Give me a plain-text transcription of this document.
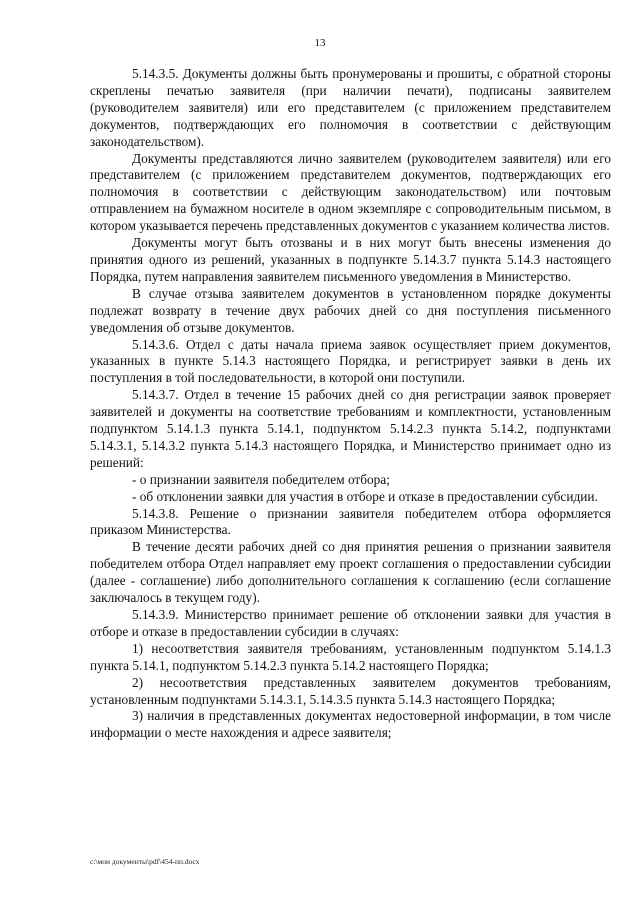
13

5.14.3.5. Документы должны быть пронумерованы и прошиты, с обратной стороны скреплены печатью заявителя (при наличии печати), подписаны заявителем (руководителем заявителя) или его представителем (с приложением представителем документов, подтверждающих его полномочия в соответствии с действующим законодательством).

Документы представляются лично заявителем (руководителем заявителя) или его представителем (с приложением представителем документов, подтверждающих его полномочия в соответствии с действующим законодательством) или почтовым отправлением на бумажном носителе в одном экземпляре с сопроводительным письмом, в котором указывается перечень представленных документов с указанием количества листов.

Документы могут быть отозваны и в них могут быть внесены изменения до принятия одного из решений, указанных в подпункте 5.14.3.7 пункта 5.14.3 настоящего Порядка, путем направления заявителем письменного уведомления в Министерство.

В случае отзыва заявителем документов в установленном порядке документы подлежат возврату в течение двух рабочих дней со дня поступления письменного уведомления об отзыве документов.

5.14.3.6. Отдел с даты начала приема заявок осуществляет прием документов, указанных в пункте 5.14.3 настоящего Порядка, и регистрирует заявки в день их поступления в той последовательности, в которой они поступили.

5.14.3.7. Отдел в течение 15 рабочих дней со дня регистрации заявок проверяет заявителей и документы на соответствие требованиям и комплектности, установленным подпунктом 5.14.1.3 пункта 5.14.1, подпунктом 5.14.2.3 пункта 5.14.2, подпунктами 5.14.3.1, 5.14.3.2 пункта 5.14.3 настоящего Порядка, и Министерство принимает одно из решений:

- о признании заявителя победителем отбора;

- об отклонении заявки для участия в отборе и отказе в предоставлении субсидии.

5.14.3.8. Решение о признании заявителя победителем отбора оформляется приказом Министерства.

В течение десяти рабочих дней со дня принятия решения о признании заявителя победителем отбора Отдел направляет ему проект соглашения о предоставлении субсидии (далее - соглашение) либо дополнительного соглашения к соглашению (если соглашение заключалось в текущем году).

5.14.3.9. Министерство принимает решение об отклонении заявки для участия в отборе и отказе в предоставлении субсидии в случаях:

1) несоответствия заявителя требованиям, установленным подпунктом 5.14.1.3 пункта 5.14.1, подпунктом 5.14.2.3 пункта 5.14.2 настоящего Порядка;

2) несоответствия представленных заявителем документов требованиям, установленным подпунктами 5.14.3.1, 5.14.3.5 пункта 5.14.3 настоящего Порядка;

3) наличия в представленных документах недостоверной информации, в том числе информации о месте нахождения и адресе заявителя;

c:\мои документы\pdf\454-пп.docx
